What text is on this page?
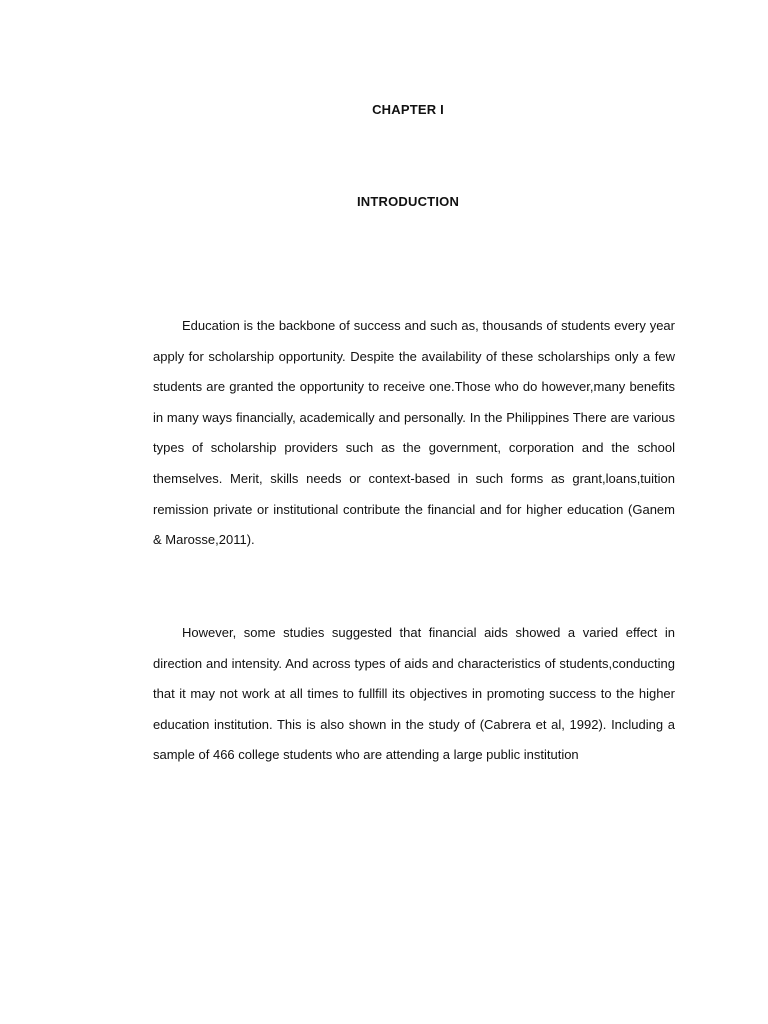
CHAPTER I
INTRODUCTION

Education is the backbone of success and such as, thousands of students every year apply for scholarship opportunity. Despite the availability of these scholarships only a few students are granted the opportunity to receive one.Those who do however,many benefits in many ways financially, academically and personally. In the Philippines There are various types of scholarship providers such as the government, corporation and the school themselves. Merit, skills needs or context-based in such forms as grant,loans,tuition remission private or institutional contribute the financial and for higher education (Ganem & Marosse,2011).

However, some studies suggested that financial aids showed a varied effect in direction and intensity. And across types of aids and characteristics of students,conducting that it may not work at all times to fullfill its objectives in promoting success to the higher education institution. This is also shown in the study of (Cabrera et al, 1992). Including a sample of 466 college students who are attending a large public institution
